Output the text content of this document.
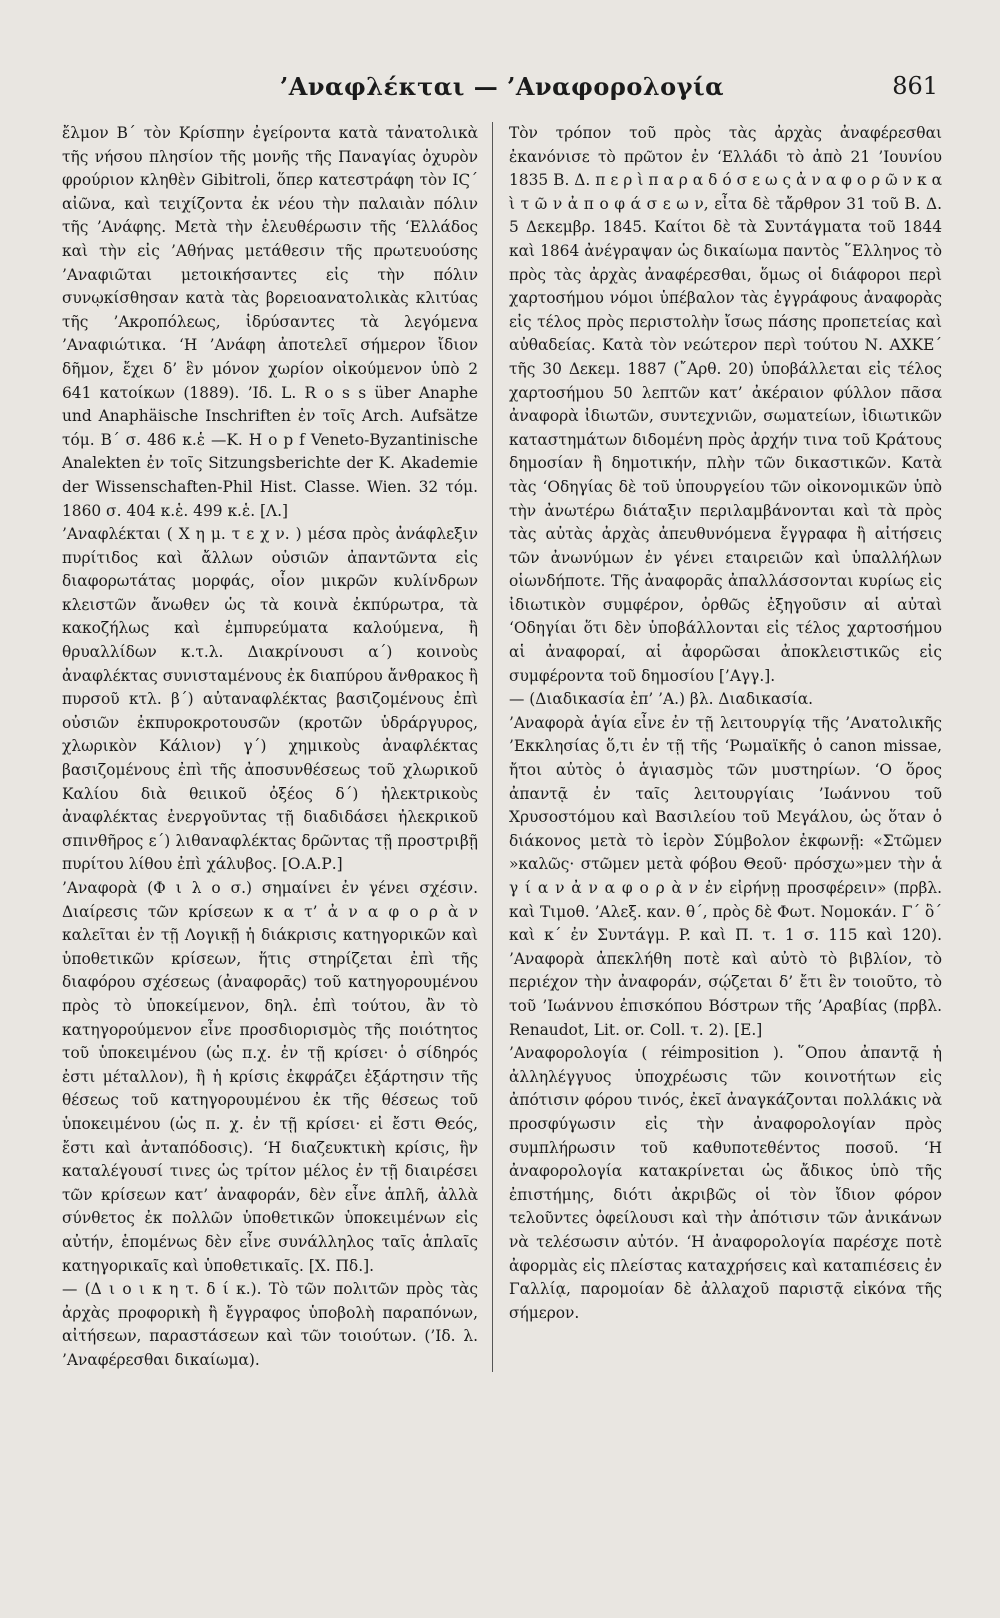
’Αναφλέκται — ’Αναφορολογία	861

ἔλμον Β΄ τὸν Κρίσπην ἐγείροντα κατὰ τἀνατολικὰ τῆς νήσου πλησίον τῆς μονῆς τῆς Παναγίας ὀχυρὸν φρούριον κληθὲν Gibitroli, ὅπερ κατεστράφη τὸν ΙϚ΄ αἰῶνα, καὶ τειχίζοντα ἐκ νέου τὴν παλαιὰν πόλιν τῆς ’Ανάφης. Μετὰ τὴν ἐλευθέρωσιν τῆς ‘Ελλάδος καὶ τὴν εἰς ’Αθήνας μετάθεσιν τῆς πρωτευούσης ’Αναφιῶται μετοικήσαντες εἰς τὴν πόλιν συνῳκίσθησαν κατὰ τὰς βορειοανατολικὰς κλιτύας τῆς ’Ακροπόλεως, ἱδρύσαντες τὰ λεγόμενα ’Αναφιώτικα. ‘Η ’Ανάφη ἀποτελεῖ σήμερον ἴδιον δῆμον, ἔχει δ’ ἓν μόνον χωρίον οἰκούμενον ὑπὸ 2 641 κατοίκων (1889). ’Ιδ. L. R o s s über Anaphe und Anaphäische Inschriften ἐν τοῖς Arch. Aufsätze τόμ. Β΄ σ. 486 κ.ἑ —K. H o p f Veneto-Byzantinische Analekten ἐν τοῖς Sitzungsberichte der K. Akademie der Wissenschaften-Phil Hist. Classe. Wien. 32 τόμ. 1860 σ. 404 κ.ἑ. 499 κ.ἑ. [Λ.]

’Αναφλέκται ( Χ η μ. τ ε χ ν. ) μέσα πρὸς ἀνάφλεξιν πυρίτιδος καὶ ἄλλων οὐσιῶν ἀπαντῶντα εἰς διαφορωτάτας μορφάς, οἷον μικρῶν κυλίνδρων κλειστῶν ἄνωθεν ὡς τὰ κοινὰ ἐκπύρωτρα, τὰ κακοζήλως καὶ ἐμπυρεύματα καλούμενα, ἢ θρυαλλίδων κ.τ.λ. Διακρίνουσι α΄) κοινοὺς ἀναφλέκτας συνισταμένους ἐκ διαπύρου ἄνθρακος ἢ πυρσοῦ κτλ. β΄) αὐταναφλέκτας βασιζομένους ἐπὶ οὐσιῶν ἐκπυροκροτουσῶν (κροτῶν ὑδράργυρος, χλωρικὸν Κάλιον) γ΄) χημικοὺς ἀναφλέκτας βασιζομένους ἐπὶ τῆς ἀποσυνθέσεως τοῦ χλωρικοῦ Καλίου διὰ θειικοῦ ὀξέος δ΄) ἠλεκτρικοὺς ἀναφλέκτας ἐνεργοῦντας τῇ διαδιδάσει ἠλεκρικοῦ σπινθῆρος ε΄) λιθαναφλέκτας δρῶντας τῇ προστριβῇ πυρίτου λίθου ἐπὶ χάλυβος. [Ο.Α.Ρ.]

’Αναφορὰ (Φ ι λ ο σ.) σημαίνει ἐν γένει σχέσιν. Διαίρεσις τῶν κρίσεων κ α τ’ ἀ ν α φ ο ρ ὰ ν καλεῖται ἐν τῇ Λογικῇ ἡ διάκρισις κατηγορικῶν καὶ ὑποθετικῶν κρίσεων, ἥτις στηρίζεται ἐπὶ τῆς διαφόρου σχέσεως (ἀναφορᾶς) τοῦ κατηγορουμένου πρὸς τὸ ὑποκείμενον, δηλ. ἐπὶ τούτου, ἂν τὸ κατηγορούμενον εἶνε προσδιορισμὸς τῆς ποιότητος τοῦ ὑποκειμένου (ὡς π.χ. ἐν τῇ κρίσει· ὁ σίδηρός ἐστι μέταλλον), ἢ ἡ κρίσις ἐκφράζει ἐξάρτησιν τῆς θέσεως τοῦ κατηγορουμένου ἐκ τῆς θέσεως τοῦ ὑποκειμένου (ὡς π. χ. ἐν τῇ κρίσει· εἰ ἔστι Θεός, ἔστι καὶ ἀνταπόδοσις). ‘Η διαζευκτικὴ κρίσις, ἣν καταλέγουσί τινες ὡς τρίτον μέλος ἐν τῇ διαιρέσει τῶν κρίσεων κατ’ ἀναφοράν, δὲν εἶνε ἁπλῆ, ἀλλὰ σύνθετος ἐκ πολλῶν ὑποθετικῶν ὑποκειμένων εἰς αὐτήν, ἑπομένως δὲν εἶνε συνάλληλος ταῖς ἁπλαῖς κατηγορικαῖς καὶ ὑποθετικαῖς. [Χ. Πδ.].

— (Δ ι ο ι κ η τ. δ ί κ.). Τὸ τῶν πολιτῶν πρὸς τὰς ἀρχὰς προφορικὴ ἢ ἔγγραφος ὑποβολὴ παραπόνων, αἰτήσεων, παραστάσεων καὶ τῶν τοιούτων. (’Ιδ. λ. ’Αναφέρεσθαι δικαίωμα).

Τὸν τρόπον τοῦ πρὸς τὰς ἀρχὰς ἀναφέρεσθαι ἐκανόνισε τὸ πρῶτον ἐν ‘Ελλάδι τὸ ἀπὸ 21 ’Ιουνίου 1835 Β. Δ. π ε ρ ὶ π α ρ α δ ό σ ε ω ς ἀ ν α φ ο ρ ῶ ν κ α ὶ τ ῶ ν ἀ π ο φ ά σ ε ω ν, εἶτα δὲ τἄρθρον 31 τοῦ Β. Δ. 5 Δεκεμβρ. 1845. Καίτοι δὲ τὰ Συντάγματα τοῦ 1844 καὶ 1864 ἀνέγραψαν ὡς δικαίωμα παντὸς ῞Ελληνος τὸ πρὸς τὰς ἀρχὰς ἀναφέρεσθαι, ὅμως οἱ διάφοροι περὶ χαρτοσήμου νόμοι ὑπέβαλον τὰς ἐγγράφους ἀναφορὰς εἰς τέλος πρὸς περιστολὴν ἴσως πάσης προπετείας καὶ αὐθαδείας. Κατὰ τὸν νεώτερον περὶ τούτου Ν. ΑΧΚΕ΄ τῆς 30 Δεκεμ. 1887 (῎Αρθ. 20) ὑποβάλλεται εἰς τέλος χαρτοσήμου 50 λεπτῶν κατ’ ἀκέραιον φύλλον πᾶσα ἀναφορὰ ἰδιωτῶν, συντεχνιῶν, σωματείων, ἰδιωτικῶν καταστημάτων διδομένη πρὸς ἀρχήν τινα τοῦ Κράτους δημοσίαν ἢ δημοτικήν, πλὴν τῶν δικαστικῶν. Κατὰ τὰς ‘Οδηγίας δὲ τοῦ ὑπουργείου τῶν οἰκονομικῶν ὑπὸ τὴν ἀνωτέρω διάταξιν περιλαμβάνονται καὶ τὰ πρὸς τὰς αὐτὰς ἀρχὰς ἀπευθυνόμενα ἔγγραφα ἢ αἰτήσεις τῶν ἀνωνύμων ἐν γένει εταιρειῶν καὶ ὑπαλλήλων οἱωνδήποτε. Τῆς ἀναφορᾶς ἀπαλλάσσονται κυρίως εἰς ἰδιωτικὸν συμφέρον, ὀρθῶς ἐξηγοῦσιν αἱ αὐταὶ ‘Οδηγίαι ὅτι δὲν ὑποβάλλονται εἰς τέλος χαρτοσήμου αἱ ἀναφοραί, αἱ ἀφορῶσαι ἀποκλειστικῶς εἰς συμφέροντα τοῦ δημοσίου [’Αγγ.].

— (Διαδικασία ἐπ’ ’Α.) βλ. Διαδικασία.

’Αναφορὰ ἁγία εἶνε ἐν τῇ λειτουργίᾳ τῆς ’Ανατολικῆς ’Εκκλησίας ὅ,τι ἐν τῇ τῆς ‘Ρωμαϊκῆς ὁ canon missae, ἤτοι αὐτὸς ὁ ἁγιασμὸς τῶν μυστηρίων. ‘Ο ὅρος ἀπαντᾷ ἐν ταῖς λειτουργίαις ’Ιωάννου τοῦ Χρυσοστόμου καὶ Βασιλείου τοῦ Μεγάλου, ὡς ὅταν ὁ διάκονος μετὰ τὸ ἱερὸν Σύμβολον ἐκφωνῇ: «Στῶμεν »καλῶς· στῶμεν μετὰ φόβου Θεοῦ· πρόσχω»μεν τὴν ἁ γ ί α ν ἀ ν α φ ο ρ ὰ ν ἐν εἰρήνῃ προσφέρειν» (πρβλ. καὶ Τιμοθ. ’Αλεξ. καν. θ΄, πρὸς δὲ Φωτ. Νομοκάν. Γ΄ ὃ΄ καὶ κ΄ ἐν Συντάγμ. P. καὶ Π. τ. 1 σ. 115 καὶ 120). ’Αναφορὰ ἀπεκλήθη ποτὲ καὶ αὐτὸ τὸ βιβλίον, τὸ περιέχον τὴν ἀναφοράν, σῴζεται δ’ ἔτι ἓν τοιοῦτο, τὸ τοῦ ’Ιωάννου ἐπισκόπου Βόστρων τῆς ’Αραβίας (πρβλ. Renaudot, Lit. or. Coll. τ. 2). [Ε.]

’Αναφορολογία ( réimposition ). ῞Οπου ἀπαντᾷ ἡ ἀλληλέγγυος ὑποχρέωσις τῶν κοινοτήτων εἰς ἀπότισιν φόρου τινός, ἐκεῖ ἀναγκάζονται πολλάκις νὰ προσφύγωσιν εἰς τὴν ἀναφορολογίαν πρὸς συμπλήρωσιν τοῦ καθυποτεθέντος ποσοῦ. ‘Η ἀναφορολογία κατακρίνεται ὡς ἄδικος ὑπὸ τῆς ἐπιστήμης, διότι ἀκριβῶς οἱ τὸν ἴδιον φόρον τελοῦντες ὀφείλουσι καὶ τὴν ἀπότισιν τῶν ἀνικάνων νὰ τελέσωσιν αὐτόν. ‘Η ἀναφορολογία παρέσχε ποτὲ ἀφορμὰς εἰς πλείστας καταχρήσεις καὶ καταπιέσεις ἐν Γαλλίᾳ, παρομοίαν δὲ ἀλλαχοῦ παριστᾷ εἰκόνα τῆς σήμερον.
